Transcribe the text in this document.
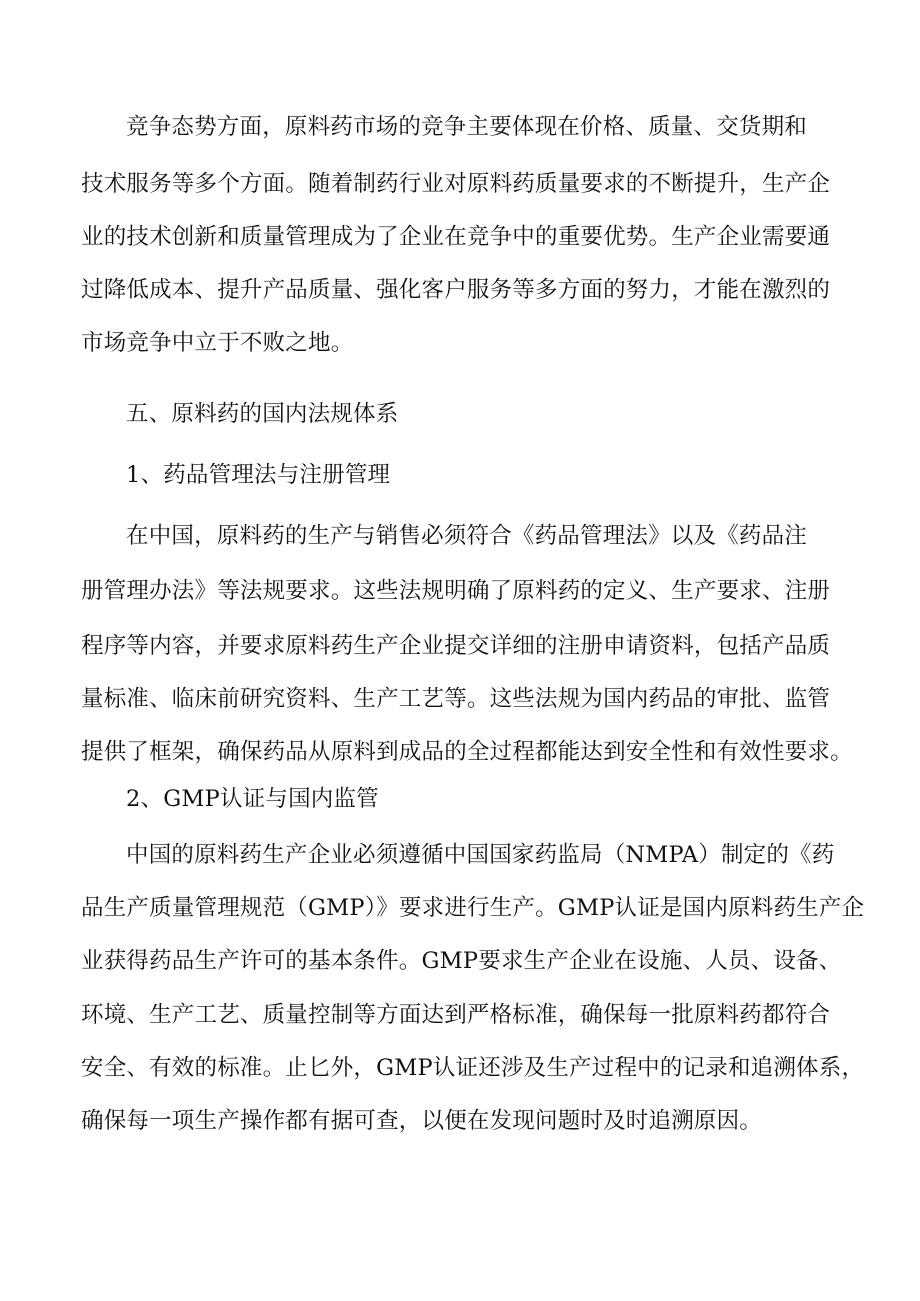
竞争态势方面，原料药市场的竞争主要体现在价格、质量、交货期和
技术服务等多个方面。随着制药行业对原料药质量要求的不断提升，生产企
业的技术创新和质量管理成为了企业在竞争中的重要优势。生产企业需要通
过降低成本、提升产品质量、强化客户服务等多方面的努力，才能在激烈的
市场竞争中立于不败之地。
五、原料药的国内法规体系
1、药品管理法与注册管理
在中国，原料药的生产与销售必须符合《药品管理法》以及《药品注
册管理办法》等法规要求。这些法规明确了原料药的定义、生产要求、注册
程序等内容，并要求原料药生产企业提交详细的注册申请资料，包括产品质
量标准、临床前研究资料、生产工艺等。这些法规为国内药品的审批、监管
提供了框架，确保药品从原料到成品的全过程都能达到安全性和有效性要求。
2、GMP认证与国内监管
中国的原料药生产企业必须遵循中国国家药监局（NMPA）制定的《药
品生产质量管理规范（GMP）》要求进行生产。GMP认证是国内原料药生产企
业获得药品生产许可的基本条件。GMP要求生产企业在设施、人员、设备、
环境、生产工艺、质量控制等方面达到严格标准，确保每一批原料药都符合
安全、有效的标准。止匕外，GMP认证还涉及生产过程中的记录和追溯体系，
确保每一项生产操作都有据可查，以便在发现问题时及时追溯原因。
